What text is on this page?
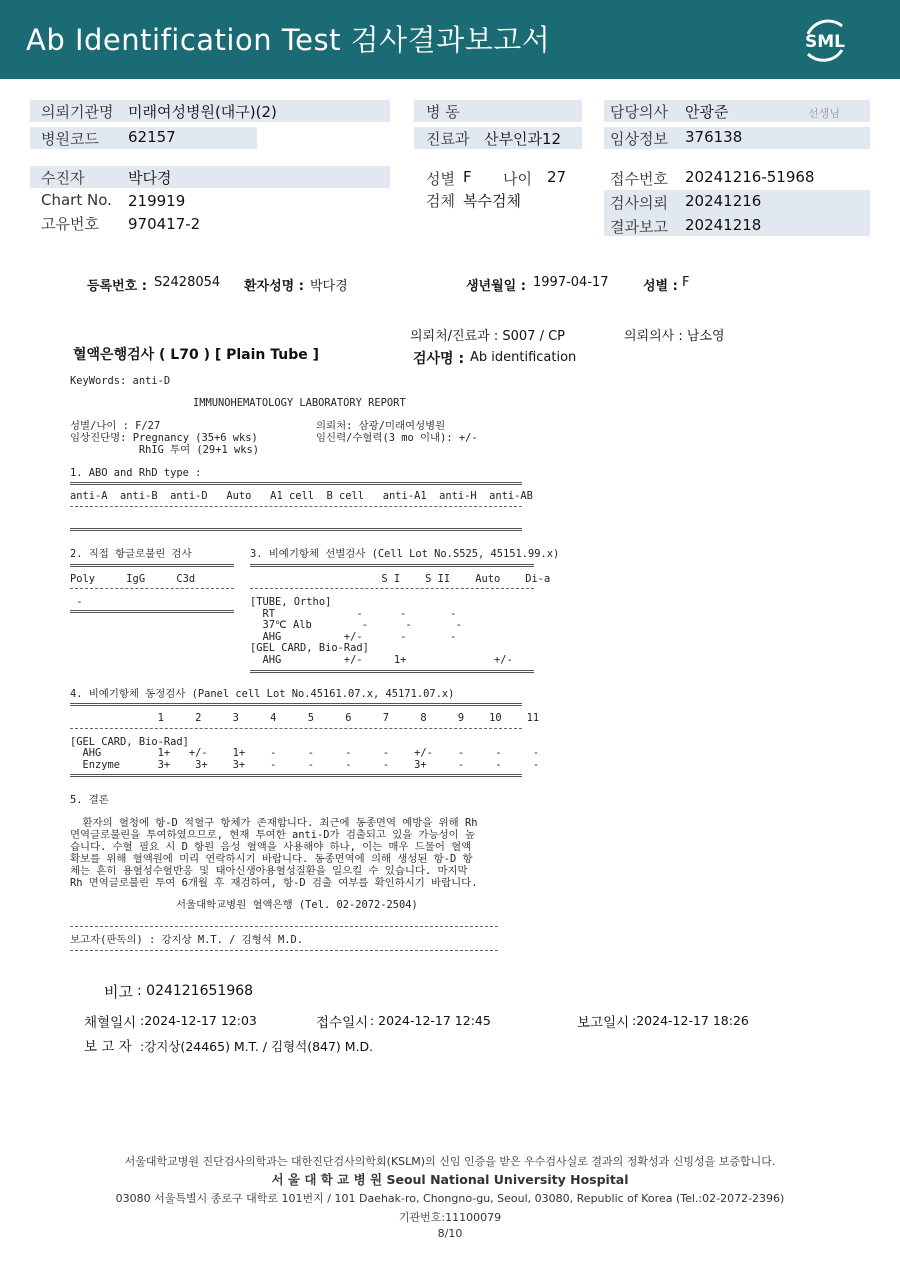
Ab Identification Test 검사결과보고서	SML
의뢰기관명 미래여성병원(대구)(2)
병원코드 62157
수진자	박다경
Chart No. 219919
고유번호 970417-2
병 동
진료과 산부인과12
성별 F 나이 27
검체 복수검체
담당의사 안광준	선생님
임상정보 376138
접수번호 20241216-51968
검사의뢰 20241216
결과보고 20241218
등록번호 : S2428054 환자성명 : 박다경	생년월일 : 1997-04-17	성별 : F
의뢰처/진료과 : S007 / CP	의뢰의사 : 남소영
혈액은행검사 ( L70 ) [ Plain Tube ]	검사명 : Ab identification
KeyWords: anti-D
IMMUNOHEMATOLOGY LABORATORY REPORT
성별/나이 : F/27
임상진단명: Pregnancy (35+6 wks)
RhIG 투여 (29+1 wks)
의뢰처: 삼광/미래여성병원
임신력/수혈력(3 mo 이내): +/-
1. ABO and RhD type :
anti-A  anti-B  anti-D   Auto   A1 cell  B cell   anti-A1  anti-H  anti-AB
2. 직접 항글로불린 검사
Poly     IgG     C3d
-
3. 비예기항체 선별검사 (Cell Lot No.S525, 45151.99.x)
S I    S II    Auto    Di-a
[TUBE, Ortho]
RT             -      -       -
37℃ Alb        -      -       -
AHG          +/-      -       -
[GEL CARD, Bio-Rad]
AHG          +/-     1+              +/-
4. 비예기항체 동정검사 (Panel cell Lot No.45161.07.x, 45171.07.x)
1     2     3     4     5     6     7     8     9    10    11
[GEL CARD, Bio-Rad]
AHG         1+   +/-    1+    -     -     -     -    +/-    -     -     -
Enzyme      3+    3+    3+    -     -     -     -    3+     -     -     -
5. 결론
환자의 혈청에 항-D 적혈구 항체가 존재합니다. 최근에 동종면역 예방을 위해 Rh
면역글로불린을 투여하였으므로, 현재 투여한 anti-D가 검출되고 있을 가능성이 높
습니다. 수혈 필요 시 D 항원 음성 혈액을 사용해야 하나, 이는 매우 드물어 혈액
확보를 위해 혈액원에 미리 연락하시기 바랍니다. 동종면역에 의해 생성된 항-D 항
체는 흔히 용혈성수혈반응 및 태아신생아용혈성질환을 일으킬 수 있습니다. 마지막
Rh 면역글로불린 투여 6개월 후 재검하여, 항-D 검출 여부를 확인하시기 바랍니다.
서울대학교병원 혈액은행 (Tel. 02-2072-2504)
보고자(판독의) : 강지상 M.T. / 김형석 M.D.
비고 : 024121651968
채혈일시 :2024-12-17 12:03	접수일시 : 2024-12-17 12:45	보고일시 :2024-12-17 18:26
보 고 자 :강지상(24465) M.T. / 김형석(847) M.D.
서울대학교병원 진단검사의학과는 대한진단검사의학회(KSLM)의 신임 인증을 받은 우수검사실로 결과의 정확성과 신빙성을 보증합니다.
서 울 대 학 교 병 원 Seoul National University Hospital
03080 서울특별시 종로구 대학로 101번지 / 101 Daehak-ro, Chongno-gu, Seoul, 03080, Republic of Korea (Tel.:02-2072-2396)
기관번호:11100079
8/10
